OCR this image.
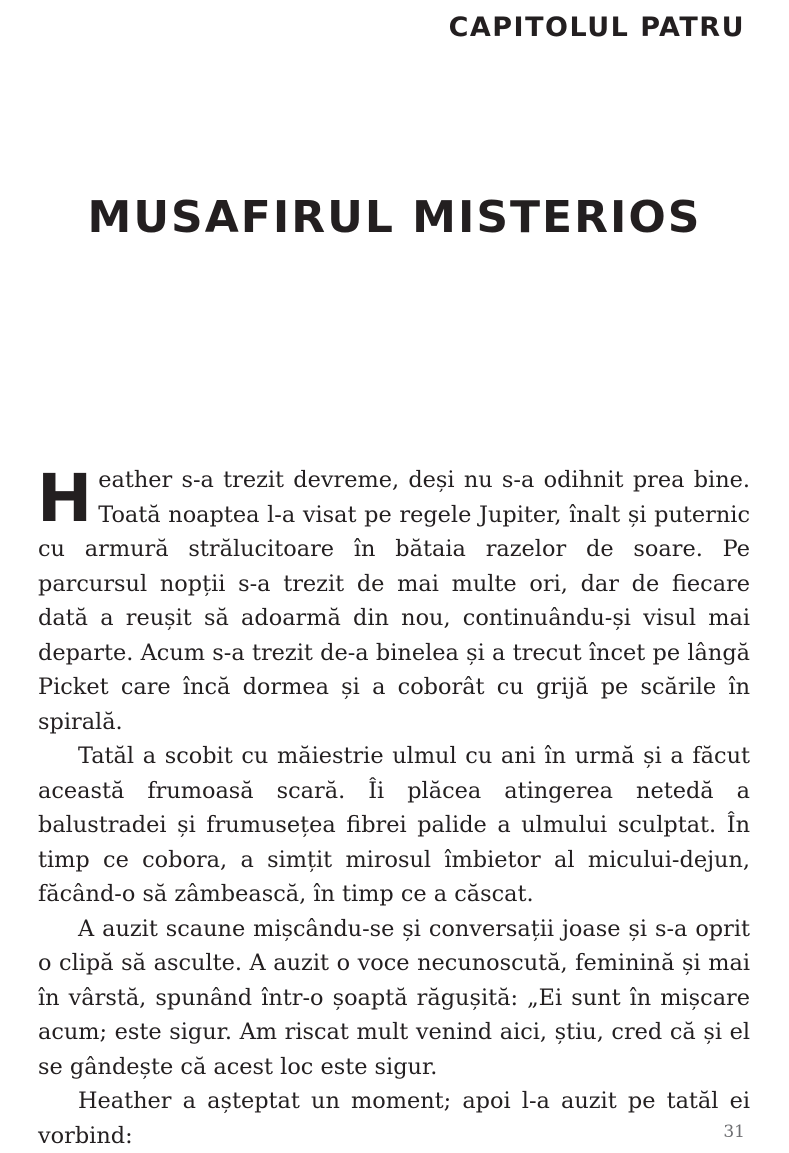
CAPITOLUL PATRU
MUSAFIRUL MISTERIOS

Heather s-a trezit devreme, deși nu s-a odihnit prea bine. Toată noaptea l-a visat pe regele Jupiter, înalt și puternic cu armură strălucitoare în bătaia razelor de soare. Pe parcursul nopții s-a trezit de mai multe ori, dar de fiecare dată a reușit să adoarmă din nou, continuându-și visul mai departe. Acum s-a trezit de-a binelea și a trecut încet pe lângă Picket care încă dormea și a coborât cu grijă pe scările în spirală.

Tatăl a scobit cu măiestrie ulmul cu ani în urmă și a făcut această frumoasă scară. Îi plăcea atingerea netedă a balustradei și frumusețea fibrei palide a ulmului sculptat. În timp ce cobora, a simțit mirosul îmbietor al micului-dejun, făcând-o să zâmbească, în timp ce a căscat.

A auzit scaune mișcându-se și conversații joase și s-a oprit o clipă să asculte. A auzit o voce necunoscută, feminină și mai în vârstă, spunând într-o șoaptă răgușită: „Ei sunt în mișcare acum; este sigur. Am riscat mult venind aici, știu, cred că și el se gândește că acest loc este sigur.

Heather a așteptat un moment; apoi l-a auzit pe tatăl ei vorbind:	31
